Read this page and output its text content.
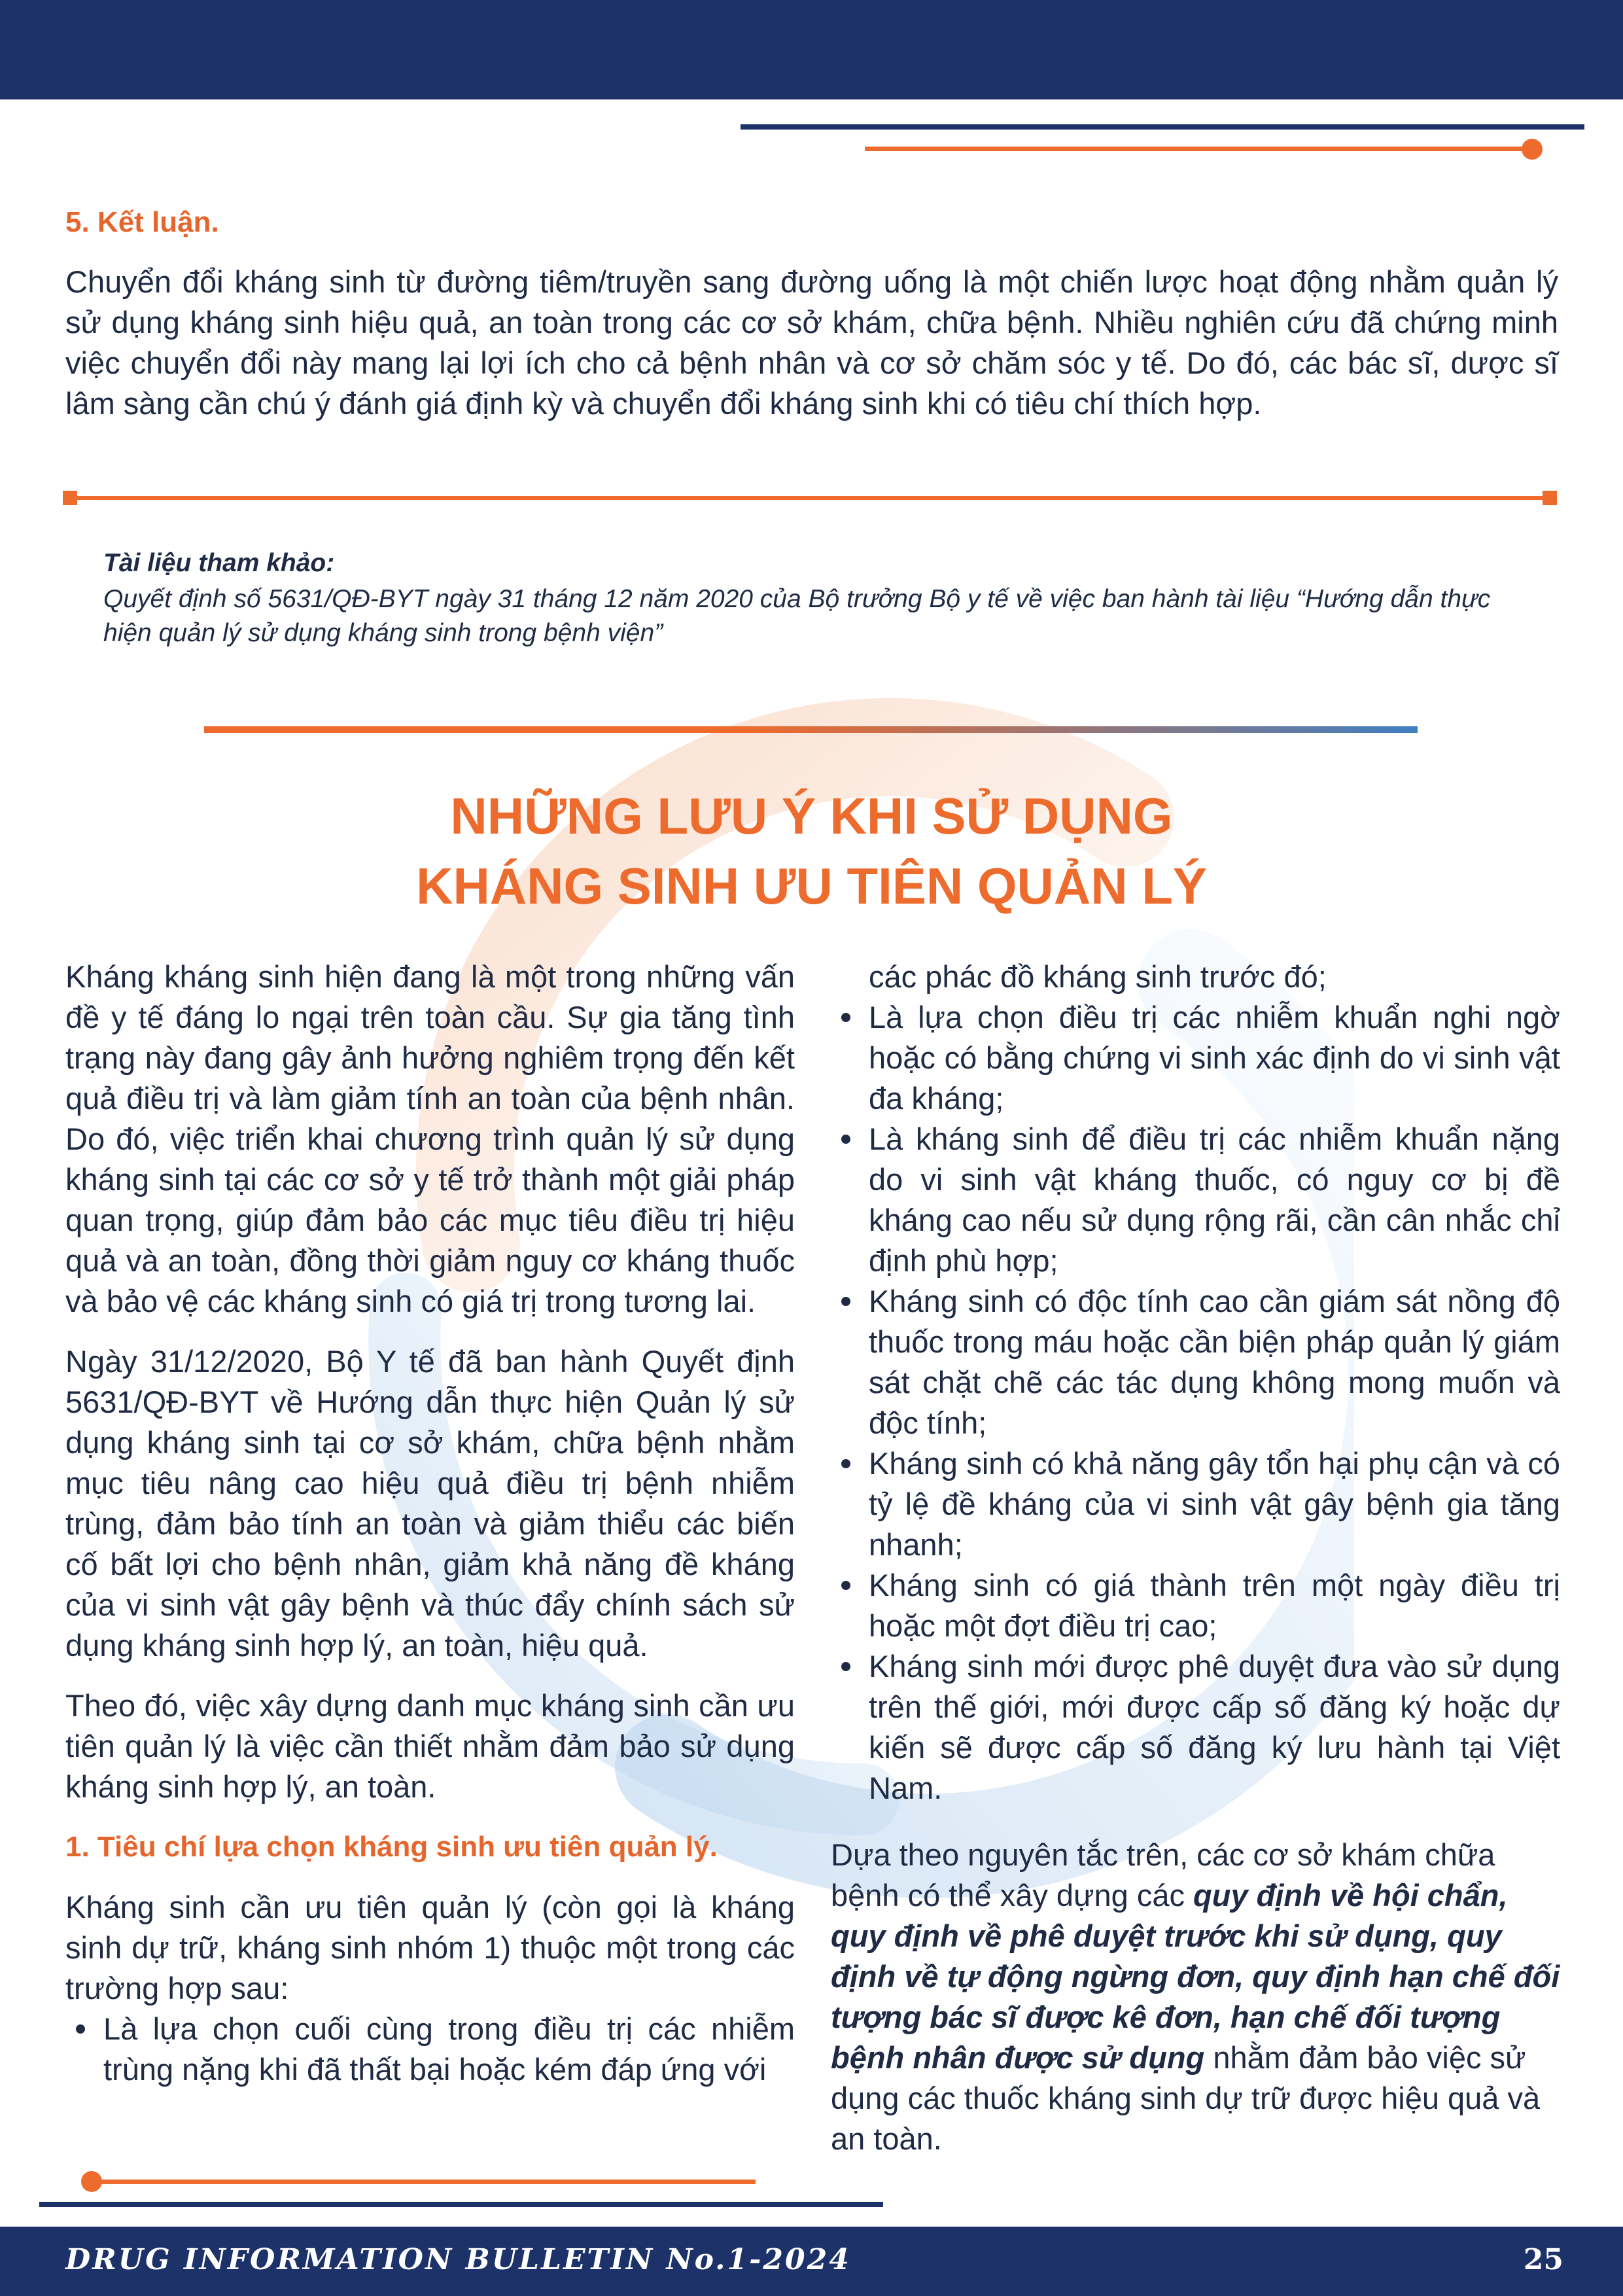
5. Kết luận.
Chuyển đổi kháng sinh từ đường tiêm/truyền sang đường uống là một chiến lược hoạt động nhằm quản lý sử dụng kháng sinh hiệu quả, an toàn trong các cơ sở khám, chữa bệnh. Nhiều nghiên cứu đã chứng minh việc chuyển đổi này mang lại lợi ích cho cả bệnh nhân và cơ sở chăm sóc y tế. Do đó, các bác sĩ, dược sĩ lâm sàng cần chú ý đánh giá định kỳ và chuyển đổi kháng sinh khi có tiêu chí thích hợp.
Tài liệu tham khảo:
Quyết định số 5631/QĐ-BYT ngày 31 tháng 12 năm 2020 của Bộ trưởng Bộ y tế về việc ban hành tài liệu “Hướng dẫn thực hiện quản lý sử dụng kháng sinh trong bệnh viện”
NHỮNG LƯU Ý KHI SỬ DỤNG
KHÁNG SINH ƯU TIÊN QUẢN LÝ

Kháng kháng sinh hiện đang là một trong những vấn đề y tế đáng lo ngại trên toàn cầu. Sự gia tăng tình trạng này đang gây ảnh hưởng nghiêm trọng đến kết quả điều trị và làm giảm tính an toàn của bệnh nhân. Do đó, việc triển khai chương trình quản lý sử dụng kháng sinh tại các cơ sở y tế trở thành một giải pháp quan trọng, giúp đảm bảo các mục tiêu điều trị hiệu quả và an toàn, đồng thời giảm nguy cơ kháng thuốc và bảo vệ các kháng sinh có giá trị trong tương lai.

Ngày 31/12/2020, Bộ Y tế đã ban hành Quyết định 5631/QĐ-BYT về Hướng dẫn thực hiện Quản lý sử dụng kháng sinh tại cơ sở khám, chữa bệnh nhằm mục tiêu nâng cao hiệu quả điều trị bệnh nhiễm trùng, đảm bảo tính an toàn và giảm thiểu các biến cố bất lợi cho bệnh nhân, giảm khả năng đề kháng của vi sinh vật gây bệnh và thúc đẩy chính sách sử dụng kháng sinh hợp lý, an toàn, hiệu quả.

Theo đó, việc xây dựng danh mục kháng sinh cần ưu tiên quản lý là việc cần thiết nhằm đảm bảo sử dụng kháng sinh hợp lý, an toàn.

1. Tiêu chí lựa chọn kháng sinh ưu tiên quản lý.

Kháng sinh cần ưu tiên quản lý (còn gọi là kháng sinh dự trữ, kháng sinh nhóm 1) thuộc một trong các trường hợp sau:

Là lựa chọn cuối cùng trong điều trị các nhiễm trùng nặng khi đã thất bại hoặc kém đáp ứng với
các phác đồ kháng sinh trước đó;
Là lựa chọn điều trị các nhiễm khuẩn nghi ngờ hoặc có bằng chứng vi sinh xác định do vi sinh vật đa kháng;
Là kháng sinh để điều trị các nhiễm khuẩn nặng do vi sinh vật kháng thuốc, có nguy cơ bị đề kháng cao nếu sử dụng rộng rãi, cần cân nhắc chỉ định phù hợp;
Kháng sinh có độc tính cao cần giám sát nồng độ thuốc trong máu hoặc cần biện pháp quản lý giám sát chặt chẽ các tác dụng không mong muốn và độc tính;
Kháng sinh có khả năng gây tổn hại phụ cận và có tỷ lệ đề kháng của vi sinh vật gây bệnh gia tăng nhanh;
Kháng sinh có giá thành trên một ngày điều trị hoặc một đợt điều trị cao;
Kháng sinh mới được phê duyệt đưa vào sử dụng trên thế giới, mới được cấp số đăng ký hoặc dự kiến sẽ được cấp số đăng ký lưu hành tại Việt Nam.

Dựa theo nguyên tắc trên, các cơ sở khám chữa bệnh có thể xây dựng các quy định về hội chẩn, quy định về phê duyệt trước khi sử dụng, quy định về tự động ngừng đơn, quy định hạn chế đối tượng bác sĩ được kê đơn, hạn chế đối tượng bệnh nhân được sử dụng nhằm đảm bảo việc sử dụng các thuốc kháng sinh dự trữ được hiệu quả và an toàn.

DRUG INFORMATION BULLETIN No.1-2024	25
